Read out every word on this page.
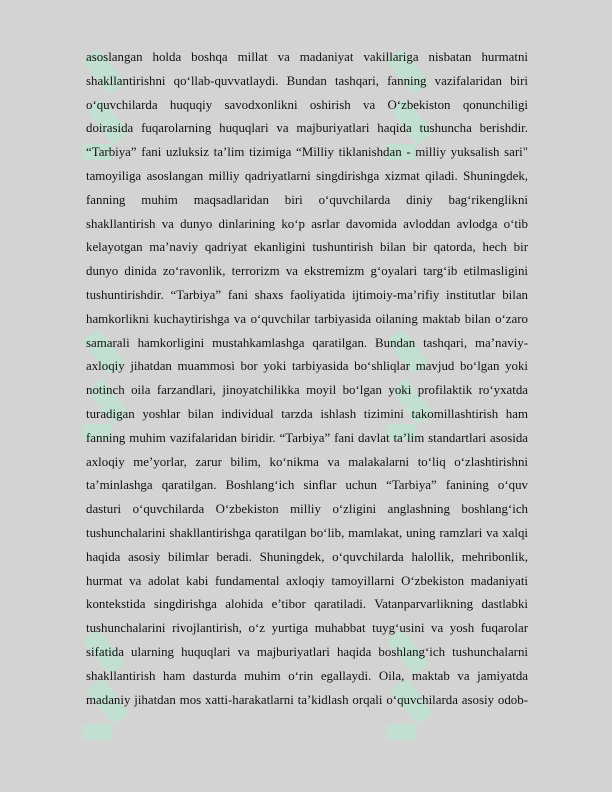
asoslangan holda boshqa millat va madaniyat vakillariga nisbatan hurmatni
shakllantirishni qo‘llab-quvvatlaydi. Bundan tashqari, fanning vazifalaridan biri
o‘quvchilarda huquqiy savodxonlikni oshirish va O‘zbekiston qonunchiligi
doirasida fuqarolarning huquqlari va majburiyatlari haqida tushuncha berishdir.
“Tarbiya” fani uzluksiz ta’lim tizimiga “Milliy tiklanishdan - milliy yuksalish sari"
tamoyiliga asoslangan milliy qadriyatlarni singdirishga xizmat qiladi. Shuningdek,
fanning muhim maqsadlaridan biri o‘quvchilarda diniy bag‘rikenglikni
shakllantirish va dunyo dinlarining ko‘p asrlar davomida avloddan avlodga o‘tib
kelayotgan ma’naviy qadriyat ekanligini tushuntirish bilan bir qatorda, hech bir
dunyo dinida zo‘ravonlik, terrorizm va ekstremizm g‘oyalari targ‘ib etilmasligini
tushuntirishdir. “Tarbiya” fani shaxs faoliyatida ijtimoiy-ma’rifiy institutlar bilan
hamkorlikni kuchaytirishga va o‘quvchilar tarbiyasida oilaning maktab bilan o‘zaro
samarali hamkorligini mustahkamlashga qaratilgan. Bundan tashqari, ma’naviy-
axloqiy jihatdan muammosi bor yoki tarbiyasida bo‘shliqlar mavjud bo‘lgan yoki
notinch oila farzandlari, jinoyatchilikka moyil bo‘lgan yoki profilaktik ro‘yxatda
turadigan yoshlar bilan individual tarzda ishlash tizimini takomillashtirish ham
fanning muhim vazifalaridan biridir. “Tarbiya” fani davlat ta’lim standartlari asosida
axloqiy me’yorlar, zarur bilim, ko‘nikma va malakalarni to‘liq o‘zlashtirishni
ta’minlashga qaratilgan. Boshlang‘ich sinflar uchun “Tarbiya” fanining o‘quv
dasturi o‘quvchilarda O‘zbekiston milliy o‘zligini anglashning boshlang‘ich
tushunchalarini shakllantirishga qaratilgan bo‘lib, mamlakat, uning ramzlari va xalqi
haqida asosiy bilimlar beradi. Shuningdek, o‘quvchilarda halollik, mehribonlik,
hurmat va adolat kabi fundamental axloqiy tamoyillarni O‘zbekiston madaniyati
kontekstida singdirishga alohida e’tibor qaratiladi. Vatanparvarlikning dastlabki
tushunchalarini rivojlantirish, o‘z yurtiga muhabbat tuyg‘usini va yosh fuqarolar
sifatida ularning huquqlari va majburiyatlari haqida boshlang‘ich tushunchalarni
shakllantirish ham dasturda muhim o‘rin egallaydi. Oila, maktab va jamiyatda
madaniy jihatdan mos xatti-harakatlarni ta’kidlash orqali o‘quvchilarda asosiy odob-
